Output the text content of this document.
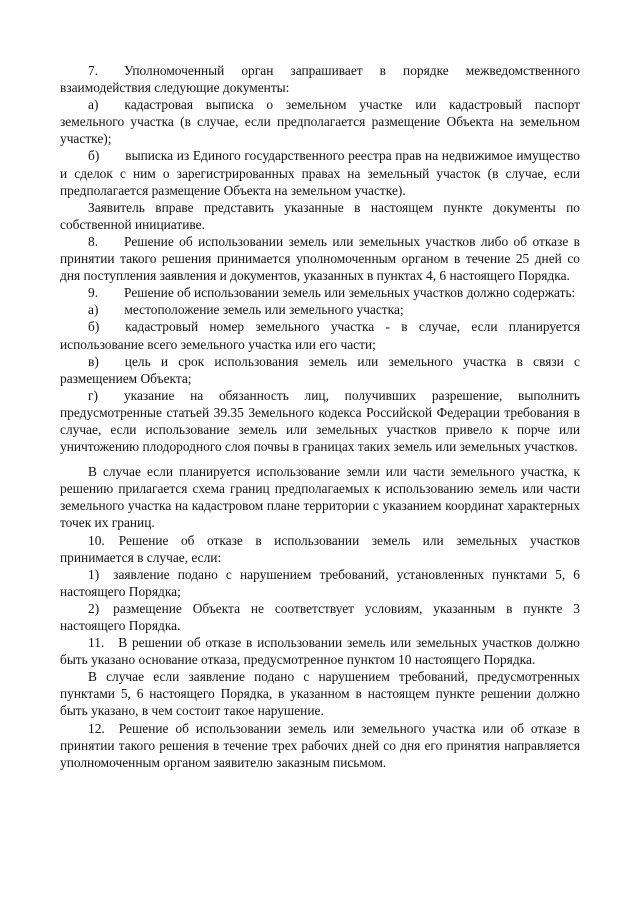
7. Уполномоченный орган запрашивает в порядке межведомственного взаимодействия следующие документы:

а) кадастровая выписка о земельном участке или кадастровый паспорт земельного участка (в случае, если предполагается размещение Объекта на земельном участке);

б) выписка из Единого государственного реестра прав на недвижимое имущество и сделок с ним о зарегистрированных правах на земельный участок (в случае, если предполагается размещение Объекта на земельном участке).

Заявитель вправе представить указанные в настоящем пункте документы по собственной инициативе.

8. Решение об использовании земель или земельных участков либо об отказе в принятии такого решения принимается уполномоченным органом в течение 25 дней со дня поступления заявления и документов, указанных в пунктах 4, 6 настоящего Порядка.

9. Решение об использовании земель или земельных участков должно содержать:

а) местоположение земель или земельного участка;

б) кадастровый номер земельного участка - в случае, если планируется использование всего земельного участка или его части;

в) цель и срок использования земель или земельного участка в связи с размещением Объекта;

г) указание на обязанность лиц, получивших разрешение, выполнить предусмотренные статьей 39.35 Земельного кодекса Российской Федерации требования в случае, если использование земель или земельных участков привело к порче или уничтожению плодородного слоя почвы в границах таких земель или земельных участков.

В случае если планируется использование земли или части земельного участка, к решению прилагается схема границ предполагаемых к использованию земель или части земельного участка на кадастровом плане территории с указанием координат характерных точек их границ.

10. Решение об отказе в использовании земель или земельных участков принимается в случае, если:

1) заявление подано с нарушением требований, установленных пунктами 5, 6 настоящего Порядка;

2) размещение Объекта не соответствует условиям, указанным в пункте 3 настоящего Порядка.

11. В решении об отказе в использовании земель или земельных участков должно быть указано основание отказа, предусмотренное пунктом 10 настоящего Порядка.

В случае если заявление подано с нарушением требований, предусмотренных пунктами 5, 6 настоящего Порядка, в указанном в настоящем пункте решении должно быть указано, в чем состоит такое нарушение.

12. Решение об использовании земель или земельного участка или об отказе в принятии такого решения в течение трех рабочих дней со дня его принятия направляется уполномоченным органом заявителю заказным письмом.
